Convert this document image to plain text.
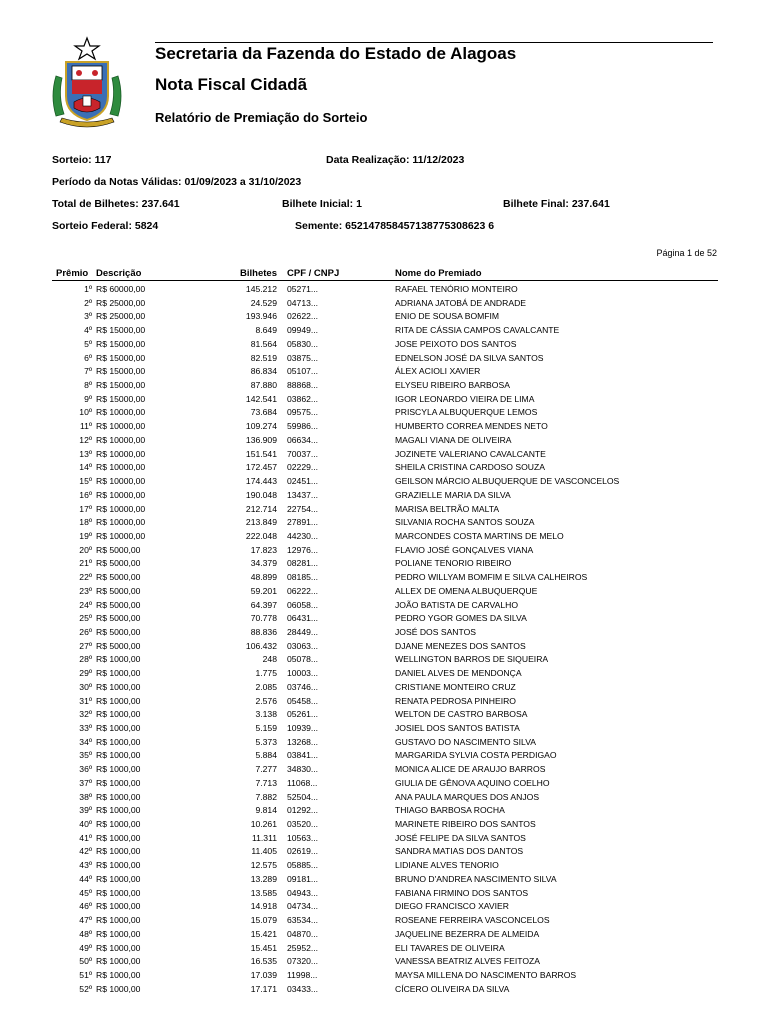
Secretaria da Fazenda do Estado de Alagoas
Nota Fiscal Cidadã
Relatório de Premiação do Sorteio
Sorteio: 117	Data Realização: 11/12/2023
Período da Notas Válidas: 01/09/2023 a 31/10/2023
Total de Bilhetes: 237.641	Bilhete Inicial: 1	Bilhete Final: 237.641
Sorteio Federal: 5824	Semente: 652147858457138775308623 6
Página 1 de 52
Prêmio Descrição	Bilhetes CPF / CNPJ	Nome do Premiado
1º R$ 60000,00	145.212 05271...	RAFAEL TENÓRIO MONTEIRO
2º R$ 25000,00	24.529 04713...	ADRIANA JATOBÁ DE ANDRADE
3º R$ 25000,00	193.946 02622...	ENIO DE SOUSA BOMFIM
4º R$ 15000,00	8.649 09949...	RITA DE CÁSSIA CAMPOS CAVALCANTE
5º R$ 15000,00	81.564 05830...	JOSE PEIXOTO DOS SANTOS
6º R$ 15000,00	82.519 03875...	EDNELSON JOSÉ DA SILVA SANTOS
7º R$ 15000,00	86.834 05107...	ÁLEX ACIOLI XAVIER
8º R$ 15000,00	87.880 88868...	ELYSEU RIBEIRO BARBOSA
9º R$ 15000,00	142.541 03862...	IGOR LEONARDO VIEIRA DE LIMA
10º R$ 10000,00	73.684 09575...	PRISCYLA ALBUQUERQUE LEMOS
11º R$ 10000,00	109.274 59986...	HUMBERTO CORREA MENDES NETO
12º R$ 10000,00	136.909 06634...	MAGALI VIANA DE OLIVEIRA
13º R$ 10000,00	151.541 70037...	JOZINETE VALERIANO CAVALCANTE
14º R$ 10000,00	172.457 02229...	SHEILA CRISTINA CARDOSO SOUZA
15º R$ 10000,00	174.443 02451...	GEILSON MÁRCIO ALBUQUERQUE DE VASCONCELOS
16º R$ 10000,00	190.048 13437...	GRAZIELLE MARIA DA SILVA
17º R$ 10000,00	212.714 22754...	MARISA BELTRÃO MALTA
18º R$ 10000,00	213.849 27891...	SILVANIA ROCHA SANTOS SOUZA
19º R$ 10000,00	222.048 44230...	MARCONDES COSTA MARTINS DE MELO
20º R$ 5000,00	17.823 12976...	FLAVIO JOSÉ GONÇALVES VIANA
21º R$ 5000,00	34.379 08281...	POLIANE TENORIO RIBEIRO
22º R$ 5000,00	48.899 08185...	PEDRO WILLYAM BOMFIM E SILVA CALHEIROS
23º R$ 5000,00	59.201 06222...	ALLEX DE OMENA ALBUQUERQUE
24º R$ 5000,00	64.397 06058...	JOÃO BATISTA DE CARVALHO
25º R$ 5000,00	70.778 06431...	PEDRO YGOR GOMES DA SILVA
26º R$ 5000,00	88.836 28449...	JOSÉ DOS SANTOS
27º R$ 5000,00	106.432 03063...	DJANE MENEZES DOS SANTOS
28º R$ 1000,00	248 05078...	WELLINGTON BARROS DE SIQUEIRA
29º R$ 1000,00	1.775 10003...	DANIEL ALVES DE MENDONÇA
30º R$ 1000,00	2.085 03746...	CRISTIANE MONTEIRO CRUZ
31º R$ 1000,00	2.576 05458...	RENATA PEDROSA PINHEIRO
32º R$ 1000,00	3.138 05261...	WELTON DE CASTRO BARBOSA
33º R$ 1000,00	5.159 10939...	JOSIEL DOS SANTOS BATISTA
34º R$ 1000,00	5.373 13268...	GUSTAVO DO NASCIMENTO SILVA
35º R$ 1000,00	5.884 03841...	MARGARIDA SYLVIA COSTA PERDIGAO
36º R$ 1000,00	7.277 34830...	MONICA ALICE DE ARAUJO BARROS
37º R$ 1000,00	7.713 11068...	GIULIA DE GÊNOVA AQUINO COELHO
38º R$ 1000,00	7.882 52504...	ANA PAULA MARQUES DOS ANJOS
39º R$ 1000,00	9.814 01292...	THIAGO BARBOSA ROCHA
40º R$ 1000,00	10.261 03520...	MARINETE RIBEIRO DOS SANTOS
41º R$ 1000,00	11.311 10563...	JOSÉ FELIPE DA SILVA SANTOS
42º R$ 1000,00	11.405 02619...	SANDRA MATIAS DOS DANTOS
43º R$ 1000,00	12.575 05885...	LIDIANE ALVES TENORIO
44º R$ 1000,00	13.289 09181...	BRUNO D'ANDREA NASCIMENTO SILVA
45º R$ 1000,00	13.585 04943...	FABIANA FIRMINO DOS SANTOS
46º R$ 1000,00	14.918 04734...	DIEGO FRANCISCO XAVIER
47º R$ 1000,00	15.079 63534...	ROSEANE FERREIRA VASCONCELOS
48º R$ 1000,00	15.421 04870...	JAQUELINE BEZERRA DE ALMEIDA
49º R$ 1000,00	15.451 25952...	ELI TAVARES DE OLIVEIRA
50º R$ 1000,00	16.535 07320...	VANESSA BEATRIZ ALVES FEITOZA
51º R$ 1000,00	17.039 11998...	MAYSA MILLENA DO NASCIMENTO BARROS
52º R$ 1000,00	17.171 03433...	CÍCERO OLIVEIRA DA SILVA
